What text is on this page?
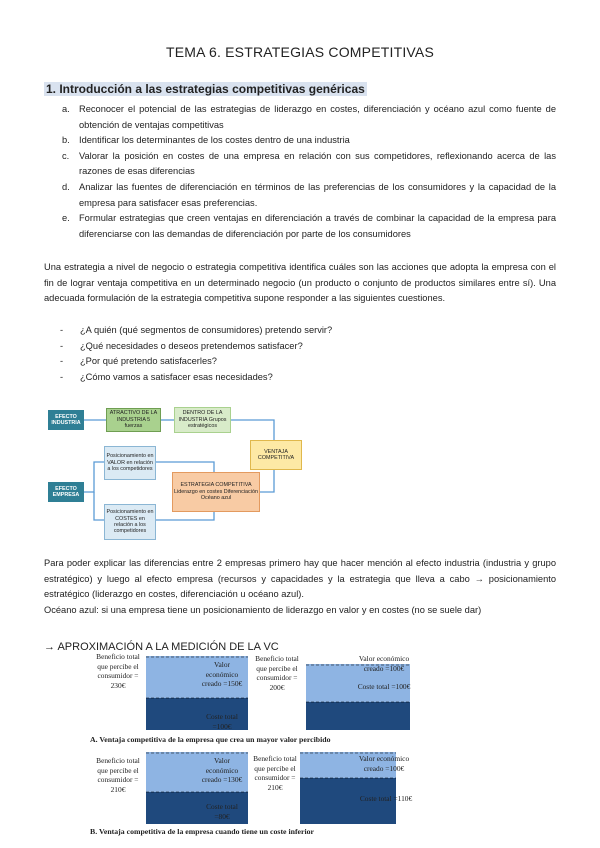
TEMA 6. ESTRATEGIAS COMPETITIVAS
1. Introducción a las estrategias competitivas genéricas
a. Reconocer el potencial de las estrategias de liderazgo en costes, diferenciación y océano azul como fuente de obtención de ventajas competitivas
b. Identificar los determinantes de los costes dentro de una industria
c.	Valorar la posición en costes de una empresa en relación con sus competidores, reflexionando acerca de las razones de esas diferencias
d. Analizar las fuentes de diferenciación en términos de las preferencias de los consumidores y la capacidad de la empresa para satisfacer esas preferencias.
e. Formular estrategias que creen ventajas en diferenciación a través de combinar la capacidad de la empresa para diferenciarse con las demandas de diferenciación por parte de los consumidores
Una estrategia a nivel de negocio o estrategia competitiva identifica cuáles son las acciones que adopta la empresa con el fin de lograr ventaja competitiva en un determinado negocio (un producto o conjunto de productos similares entre sí). Una adecuada formulación de la estrategia competitiva supone responder a las siguientes cuestiones.
-	¿A quién (qué segmentos de consumidores) pretendo servir?
-	¿Qué necesidades o deseos pretendemos satisfacer?
-	¿Por qué pretendo satisfacerles?
-	¿Cómo vamos a satisfacer esas necesidades?
EFECTO INDUSTRIA
ATRACTIVO DE LA INDUSTRIA 5 fuerzas
DENTRO DE LA INDUSTRIA Grupos estratégicos
VENTAJA COMPETITIVA
EFECTO EMPRESA
Posicionamiento en VALOR en relación a los competidores
Posicionamiento en COSTES en relación a los competidores
ESTRATEGIA COMPETITIVA Liderazgo en costes Diferenciación Océano azul
Para poder explicar las diferencias entre 2 empresas primero hay que hacer mención al efecto industria (industria y grupo estratégico) y luego al efecto empresa (recursos y capacidades y la estrategia que lleva a cabo → posicionamiento estratégico (liderazgo en costes, diferenciación u océano azul).
Océano azul: si una empresa tiene un posicionamiento de liderazgo en valor y en costes (no se suele dar)
→ APROXIMACIÓN A LA MEDICIÓN DE LA VC
Beneficio total que percibe el consumidor = 230€
Valor económico creado =150€
Coste total =100€
Beneficio total que percibe el consumidor = 200€
Valor económico creado =100€
Coste total =100€
A. Ventaja competitiva de la empresa que crea un mayor valor percibido
Beneficio total que percibe el consumidor = 210€
Valor económico creado =130€
Coste total =80€
Beneficio total que percibe el consumidor = 210€
Valor económico creado =100€
Coste total =110€
B. Ventaja competitiva de la empresa cuando tiene un coste inferior
